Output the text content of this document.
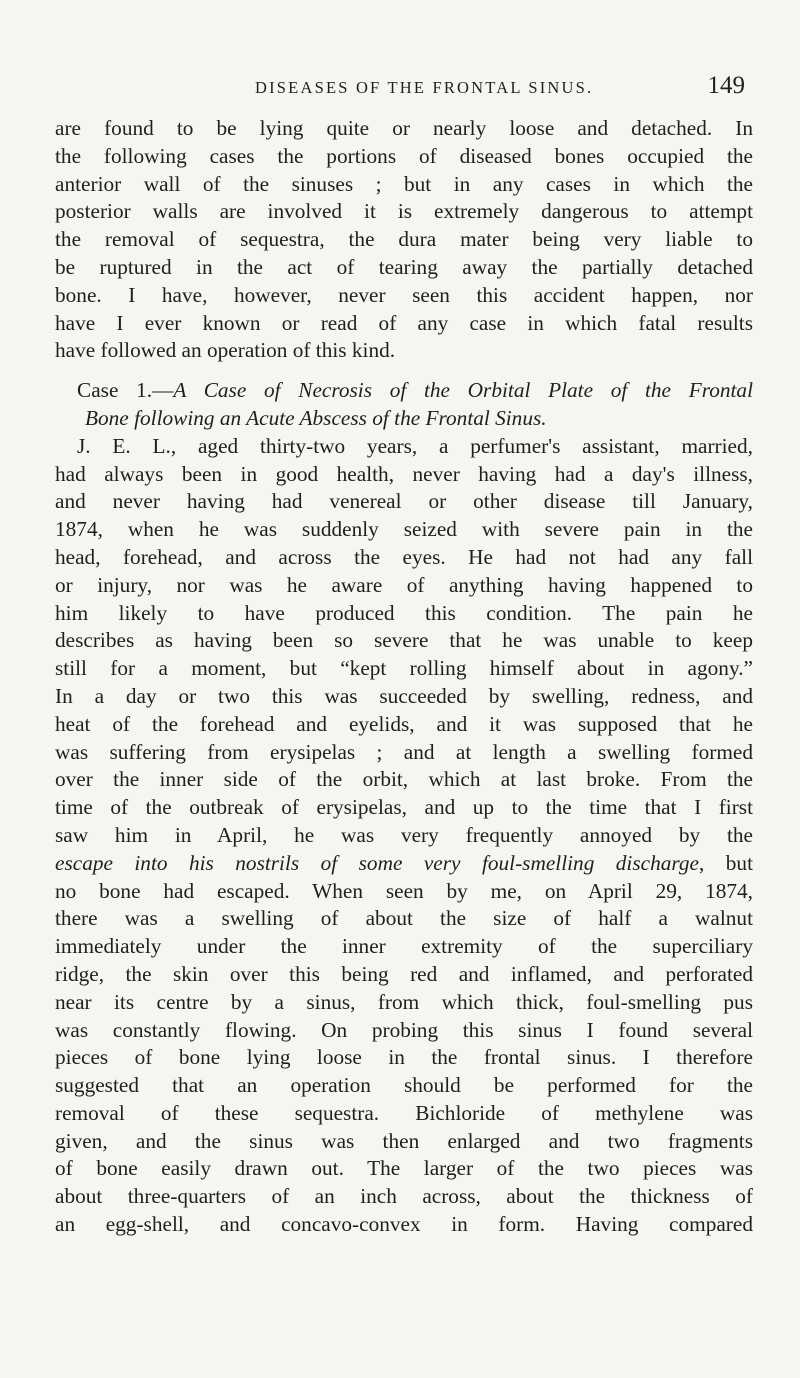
DISEASES OF THE FRONTAL SINUS.	149
are found to be lying quite or nearly loose and detached. In
the following cases the portions of diseased bones occupied the
anterior wall of the sinuses ; but in any cases in which the
posterior walls are involved it is extremely dangerous to attempt
the removal of sequestra, the dura mater being very liable to
be ruptured in the act of tearing away the partially detached
bone. I have, however, never seen this accident happen, nor
have I ever known or read of any case in which fatal results
have followed an operation of this kind.
Case 1.—A Case of Necrosis of the Orbital Plate of the Frontal
Bone following an Acute Abscess of the Frontal Sinus.
J. E. L., aged thirty-two years, a perfumer's assistant, married,
had always been in good health, never having had a day's illness,
and never having had venereal or other disease till January,
1874, when he was suddenly seized with severe pain in the
head, forehead, and across the eyes. He had not had any fall
or injury, nor was he aware of anything having happened to
him likely to have produced this condition. The pain he
describes as having been so severe that he was unable to keep
still for a moment, but “kept rolling himself about in agony.”
In a day or two this was succeeded by swelling, redness, and
heat of the forehead and eyelids, and it was supposed that he
was suffering from erysipelas ; and at length a swelling formed
over the inner side of the orbit, which at last broke. From the
time of the outbreak of erysipelas, and up to the time that I first
saw him in April, he was very frequently annoyed by the
escape into his nostrils of some very foul-smelling discharge, but
no bone had escaped. When seen by me, on April 29, 1874,
there was a swelling of about the size of half a walnut
immediately under the inner extremity of the superciliary
ridge, the skin over this being red and inflamed, and perforated
near its centre by a sinus, from which thick, foul-smelling pus
was constantly flowing. On probing this sinus I found several
pieces of bone lying loose in the frontal sinus. I therefore
suggested that an operation should be performed for the
removal of these sequestra. Bichloride of methylene was
given, and the sinus was then enlarged and two fragments
of bone easily drawn out. The larger of the two pieces was
about three-quarters of an inch across, about the thickness of
an egg-shell, and concavo-convex in form. Having compared
